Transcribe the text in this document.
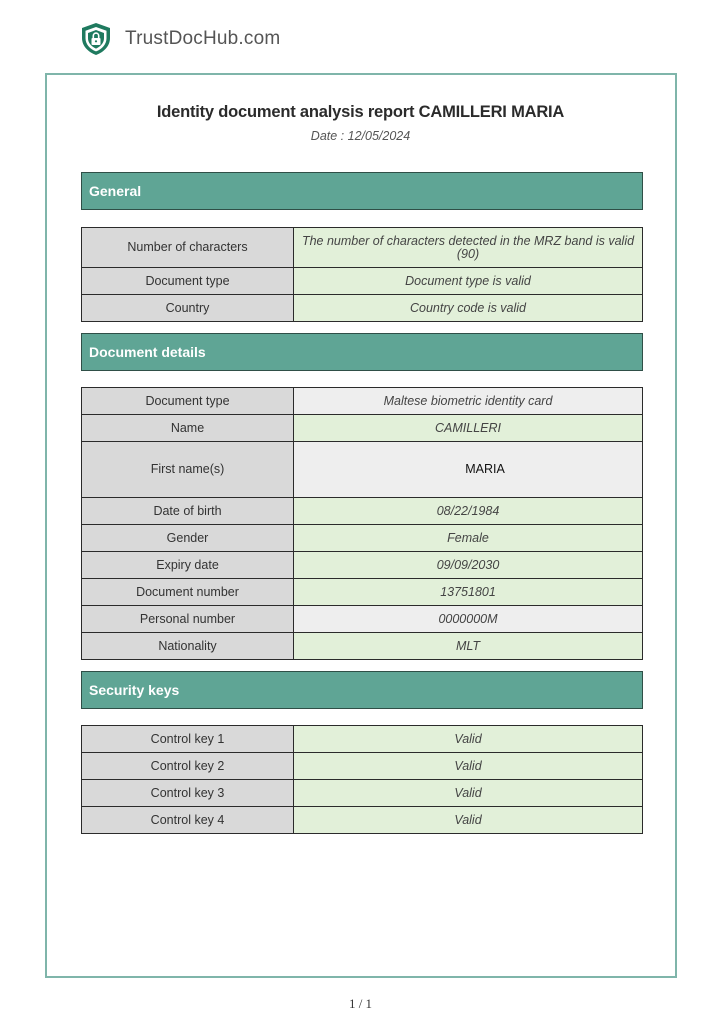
TrustDocHub.com
Identity document analysis report CAMILLERI MARIA
Date : 12/05/2024
General
Number of characters	The number of characters detected in the MRZ band is valid (90)
Document type	Document type is valid
Country	Country code is valid
Document details
Document type	Maltese biometric identity card
Name	CAMILLERI
First name(s)	MARIA
Date of birth	08/22/1984
Gender	Female
Expiry date	09/09/2030
Document number	13751801
Personal number	0000000M
Nationality	MLT
Security keys
Control key 1	Valid
Control key 2	Valid
Control key 3	Valid
Control key 4	Valid
1 / 1
